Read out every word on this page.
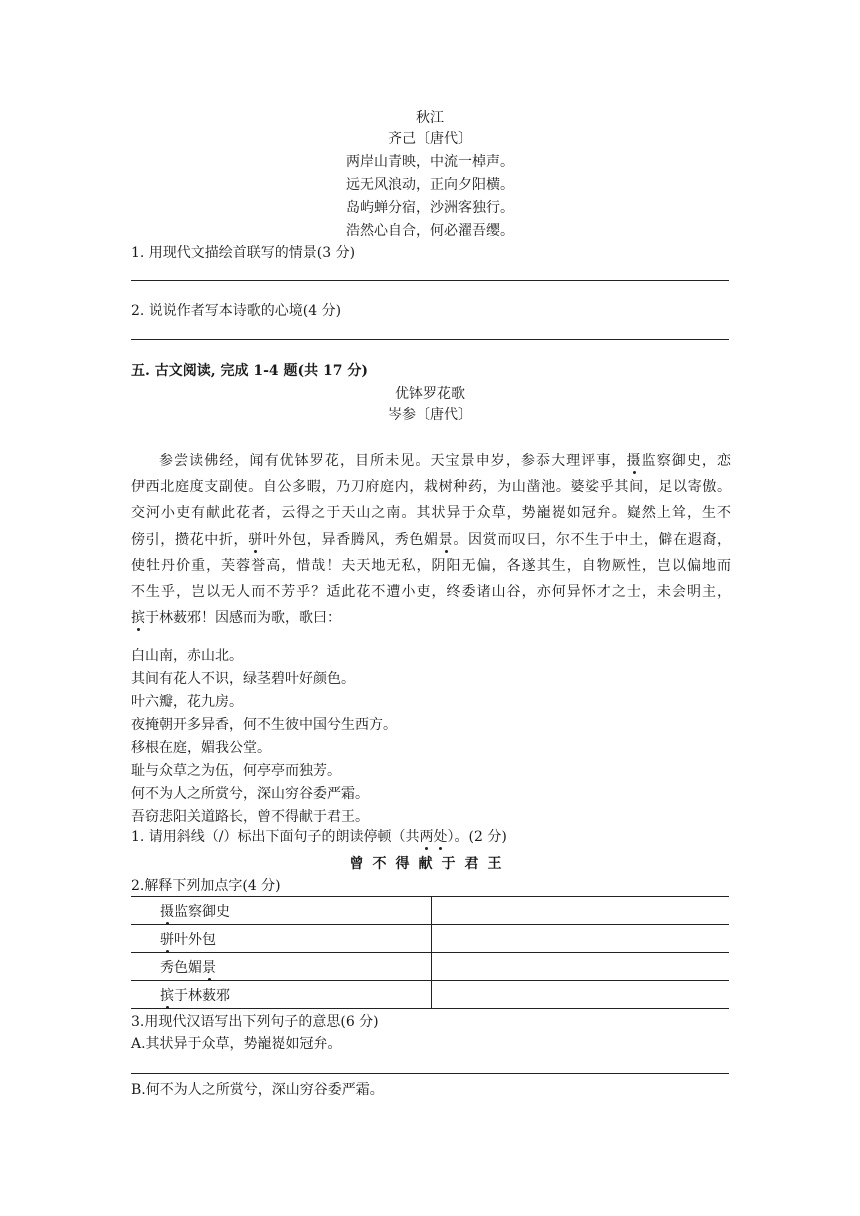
秋江
齐己〔唐代〕
两岸山青映，中流一棹声。
远无风浪动，正向夕阳横。
岛屿蝉分宿，沙洲客独行。
浩然心自合，何必濯吾缨。
1. 用现代文描绘首联写的情景(3 分)
2. 说说作者写本诗歌的心境(4 分)
五. 古文阅读, 完成 1-4 题(共 17 分)
优钵罗花歌
岑参〔唐代〕
参尝读佛经，闻有优钵罗花，目所未见。天宝景申岁，参忝大理评事，摄监察御史，恋
伊西北庭度支副使。自公多暇，乃刀府庭内，栽树种药，为山凿池。婆娑乎其间，足以寄傲。
交河小吏有献此花者，云得之于天山之南。其状异于众草，势巃嵸如冠弁。嶷然上耸，生不
傍引，攒花中折，骈叶外包，异香腾风，秀色媚景。因赏而叹曰，尔不生于中土，僻在遐裔，
使牡丹价重，芙蓉誉高，惜哉！夫天地无私，阴阳无偏，各遂其生，自物厥性，岂以偏地而
不生乎，岂以无人而不芳乎？适此花不遭小吏，终委诸山谷，亦何异怀才之士，未会明主，
摈于林薮邪！因感而为歌，歌曰：
白山南，赤山北。
其间有花人不识，绿茎碧叶好颜色。
叶六瓣，花九房。
夜掩朝开多异香，何不生彼中国兮生西方。
移根在庭，媚我公堂。
耻与众草之为伍，何亭亭而独芳。
何不为人之所赏兮，深山穷谷委严霜。
吾窃悲阳关道路长，曾不得献于君王。
1. 请用斜线（/）标出下面句子的朗读停顿（共两处）。(2 分)
曾不得献于君王
2.解释下列加点字(4 分)
摄监察御史	
骈叶外包	
秀色媚景	
摈于林薮邪	
3.用现代汉语写出下列句子的意思(6 分)
A.其状异于众草，势巃嵸如冠弁。
B.何不为人之所赏兮，深山穷谷委严霜。
